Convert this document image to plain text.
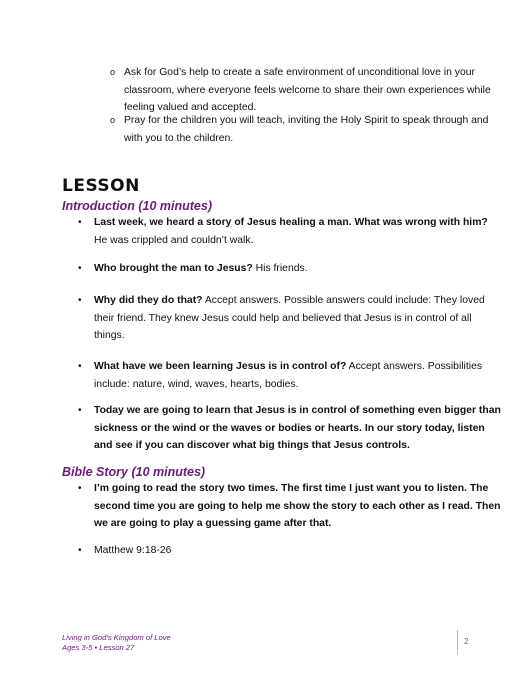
o Ask for God’s help to create a safe environment of unconditional love in your
classroom, where everyone feels welcome to share their own experiences while
feeling valued and accepted.
o Pray for the children you will teach, inviting the Holy Spirit to speak through and
with you to the children.
LESSON
Introduction (10 minutes)
• Last week, we heard a story of Jesus healing a man. What was wrong with him?
He was crippled and couldn’t walk.
• Who brought the man to Jesus? His friends.
• Why did they do that? Accept answers. Possible answers could include: They loved
their friend. They knew Jesus could help and believed that Jesus is in control of all
things.
• What have we been learning Jesus is in control of? Accept answers. Possibilities
include: nature, wind, waves, hearts, bodies.
• Today we are going to learn that Jesus is in control of something even bigger than
sickness or the wind or the waves or bodies or hearts. In our story today, listen
and see if you can discover what big things that Jesus controls.
Bible Story (10 minutes)
• I’m going to read the story two times. The first time I just want you to listen. The
second time you are going to help me show the story to each other as I read. Then
we are going to play a guessing game after that.
• Matthew 9:18-26
Living in God’s Kingdom of Love
Ages 3-5 • Lesson 27
2
